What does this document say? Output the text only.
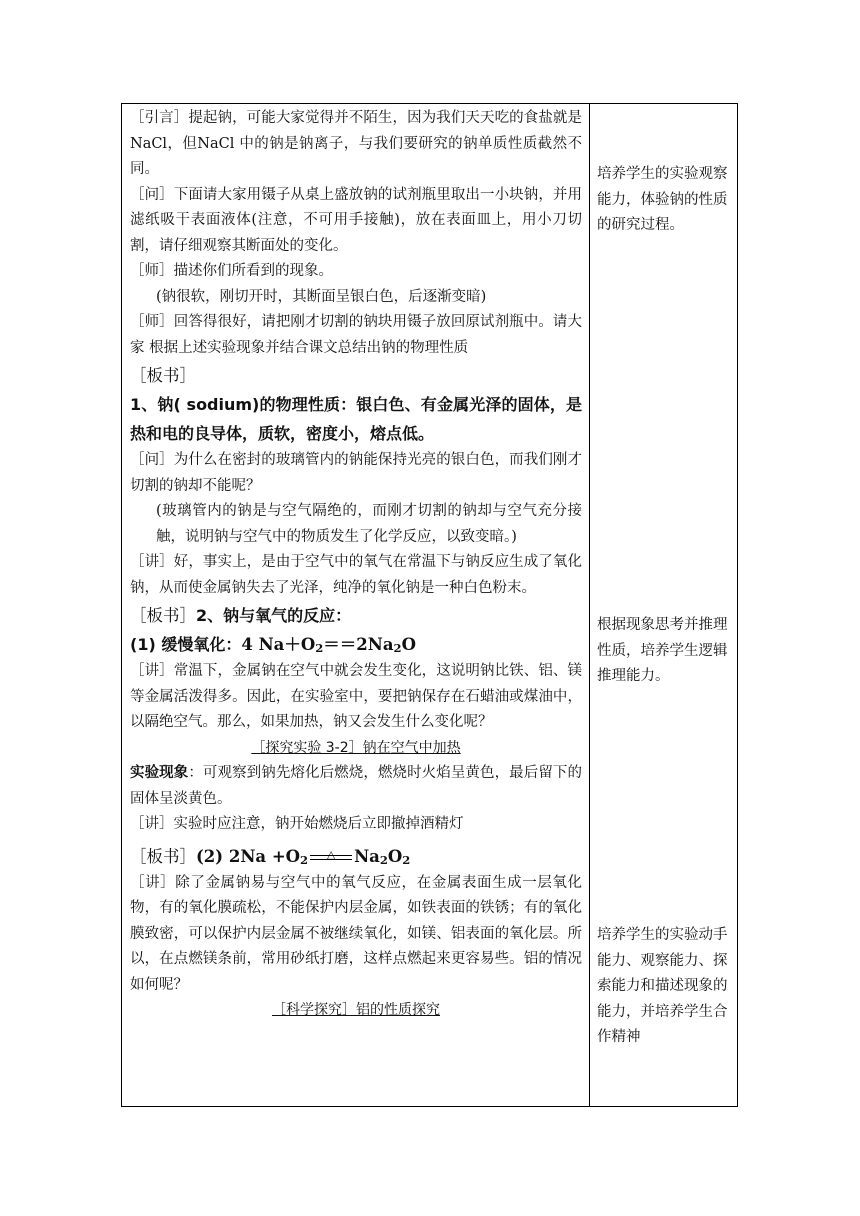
［引言］提起钠，可能大家觉得并不陌生，因为我们天天吃的食盐就是NaCl，但NaCl 中的钠是钠离子，与我们要研究的钠单质性质截然不同。

［问］下面请大家用镊子从桌上盛放钠的试剂瓶里取出一小块钠，并用滤纸吸干表面液体(注意，不可用手接触)，放在表面皿上，用小刀切割，请仔细观察其断面处的变化。

［师］描述你们所看到的现象。

(钠很软，刚切开时，其断面呈银白色，后逐渐变暗)

［师］回答得很好，请把刚才切割的钠块用镊子放回原试剂瓶中。请大家 根据上述实验现象并结合课文总结出钠的物理性质

［板书］

1、钠( sodium)的物理性质：银白色、有金属光泽的固体，是热和电的良导体，质软，密度小，熔点低。

［问］为什么在密封的玻璃管内的钠能保持光亮的银白色，而我们刚才切割的钠却不能呢？

(玻璃管内的钠是与空气隔绝的，而刚才切割的钠却与空气充分接触，说明钠与空气中的物质发生了化学反应，以致变暗。)

［讲］好，事实上，是由于空气中的氧气在常温下与钠反应生成了氧化钠，从而使金属钠失去了光泽，纯净的氧化钠是一种白色粉末。

［板书］2、钠与氧气的反应：

(1) 缓慢氧化：4 $Na+O_2==2Na_2O$

［讲］常温下，金属钠在空气中就会发生变化，这说明钠比铁、铝、镁等金属活泼得多。因此，在实验室中，要把钠保存在石蜡油或煤油中，以隔绝空气。那么，如果加热，钠又会发生什么变化呢？

［探究实验 3-2］钠在空气中加热

实验现象：可观察到钠先熔化后燃烧，燃烧时火焰呈黄色，最后留下的固体呈淡黄色。

［讲］实验时应注意，钠开始燃烧后立即撤掉酒精灯

［板书］(2) $2Na +O_2$	△	$Na_2O_2$

［讲］除了金属钠易与空气中的氧气反应，在金属表面生成一层氧化物，有的氧化膜疏松，不能保护内层金属，如铁表面的铁锈；有的氧化膜致密，可以保护内层金属不被继续氧化，如镁、铝表面的氧化层。所以，在点燃镁条前，常用砂纸打磨，这样点燃起来更容易些。铝的情况如何呢？

［科学探究］铝的性质探究

培养学生的实验观察能力，体验钠的性质的研究过程。
根据现象思考并推理性质，培养学生逻辑推理能力。
培养学生的实验动手能力、观察能力、探索能力和描述现象的能力，并培养学生合作精神
